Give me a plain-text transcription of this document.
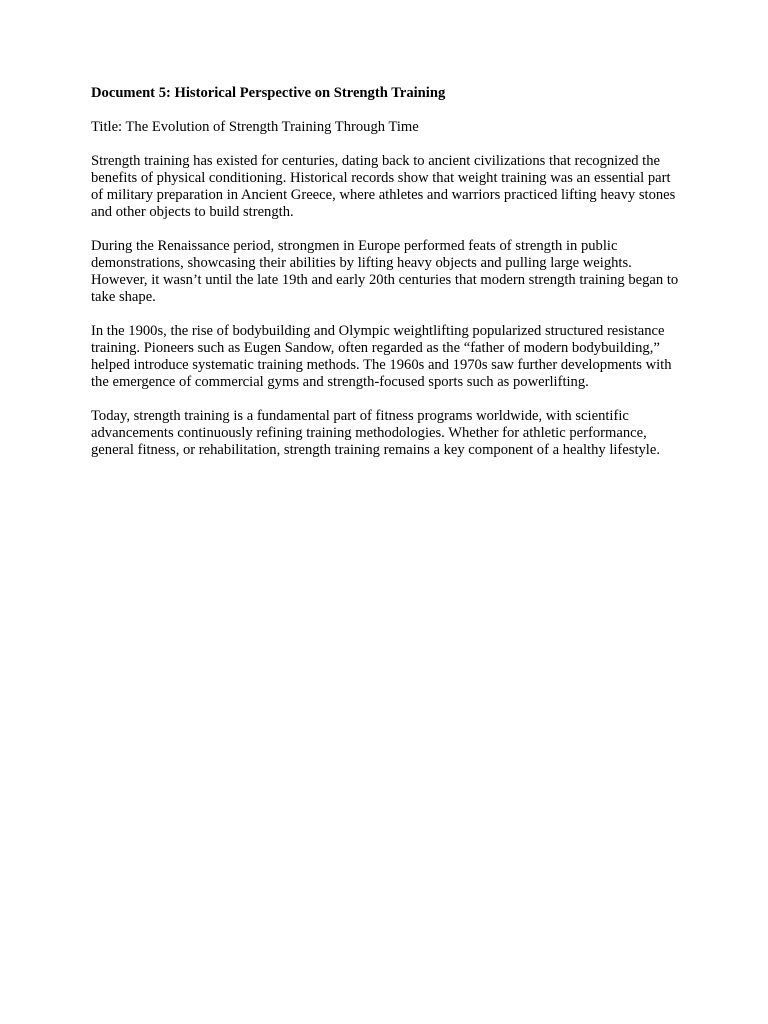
Document 5: Historical Perspective on Strength Training

Title: The Evolution of Strength Training Through Time

Strength training has existed for centuries, dating back to ancient civilizations that recognized the benefits of physical conditioning. Historical records show that weight training was an essential part of military preparation in Ancient Greece, where athletes and warriors practiced lifting heavy stones and other objects to build strength.

During the Renaissance period, strongmen in Europe performed feats of strength in public demonstrations, showcasing their abilities by lifting heavy objects and pulling large weights. However, it wasn’t until the late 19th and early 20th centuries that modern strength training began to take shape.

In the 1900s, the rise of bodybuilding and Olympic weightlifting popularized structured resistance training. Pioneers such as Eugen Sandow, often regarded as the “father of modern bodybuilding,” helped introduce systematic training methods. The 1960s and 1970s saw further developments with the emergence of commercial gyms and strength-focused sports such as powerlifting.

Today, strength training is a fundamental part of fitness programs worldwide, with scientific advancements continuously refining training methodologies. Whether for athletic performance, general fitness, or rehabilitation, strength training remains a key component of a healthy lifestyle.
